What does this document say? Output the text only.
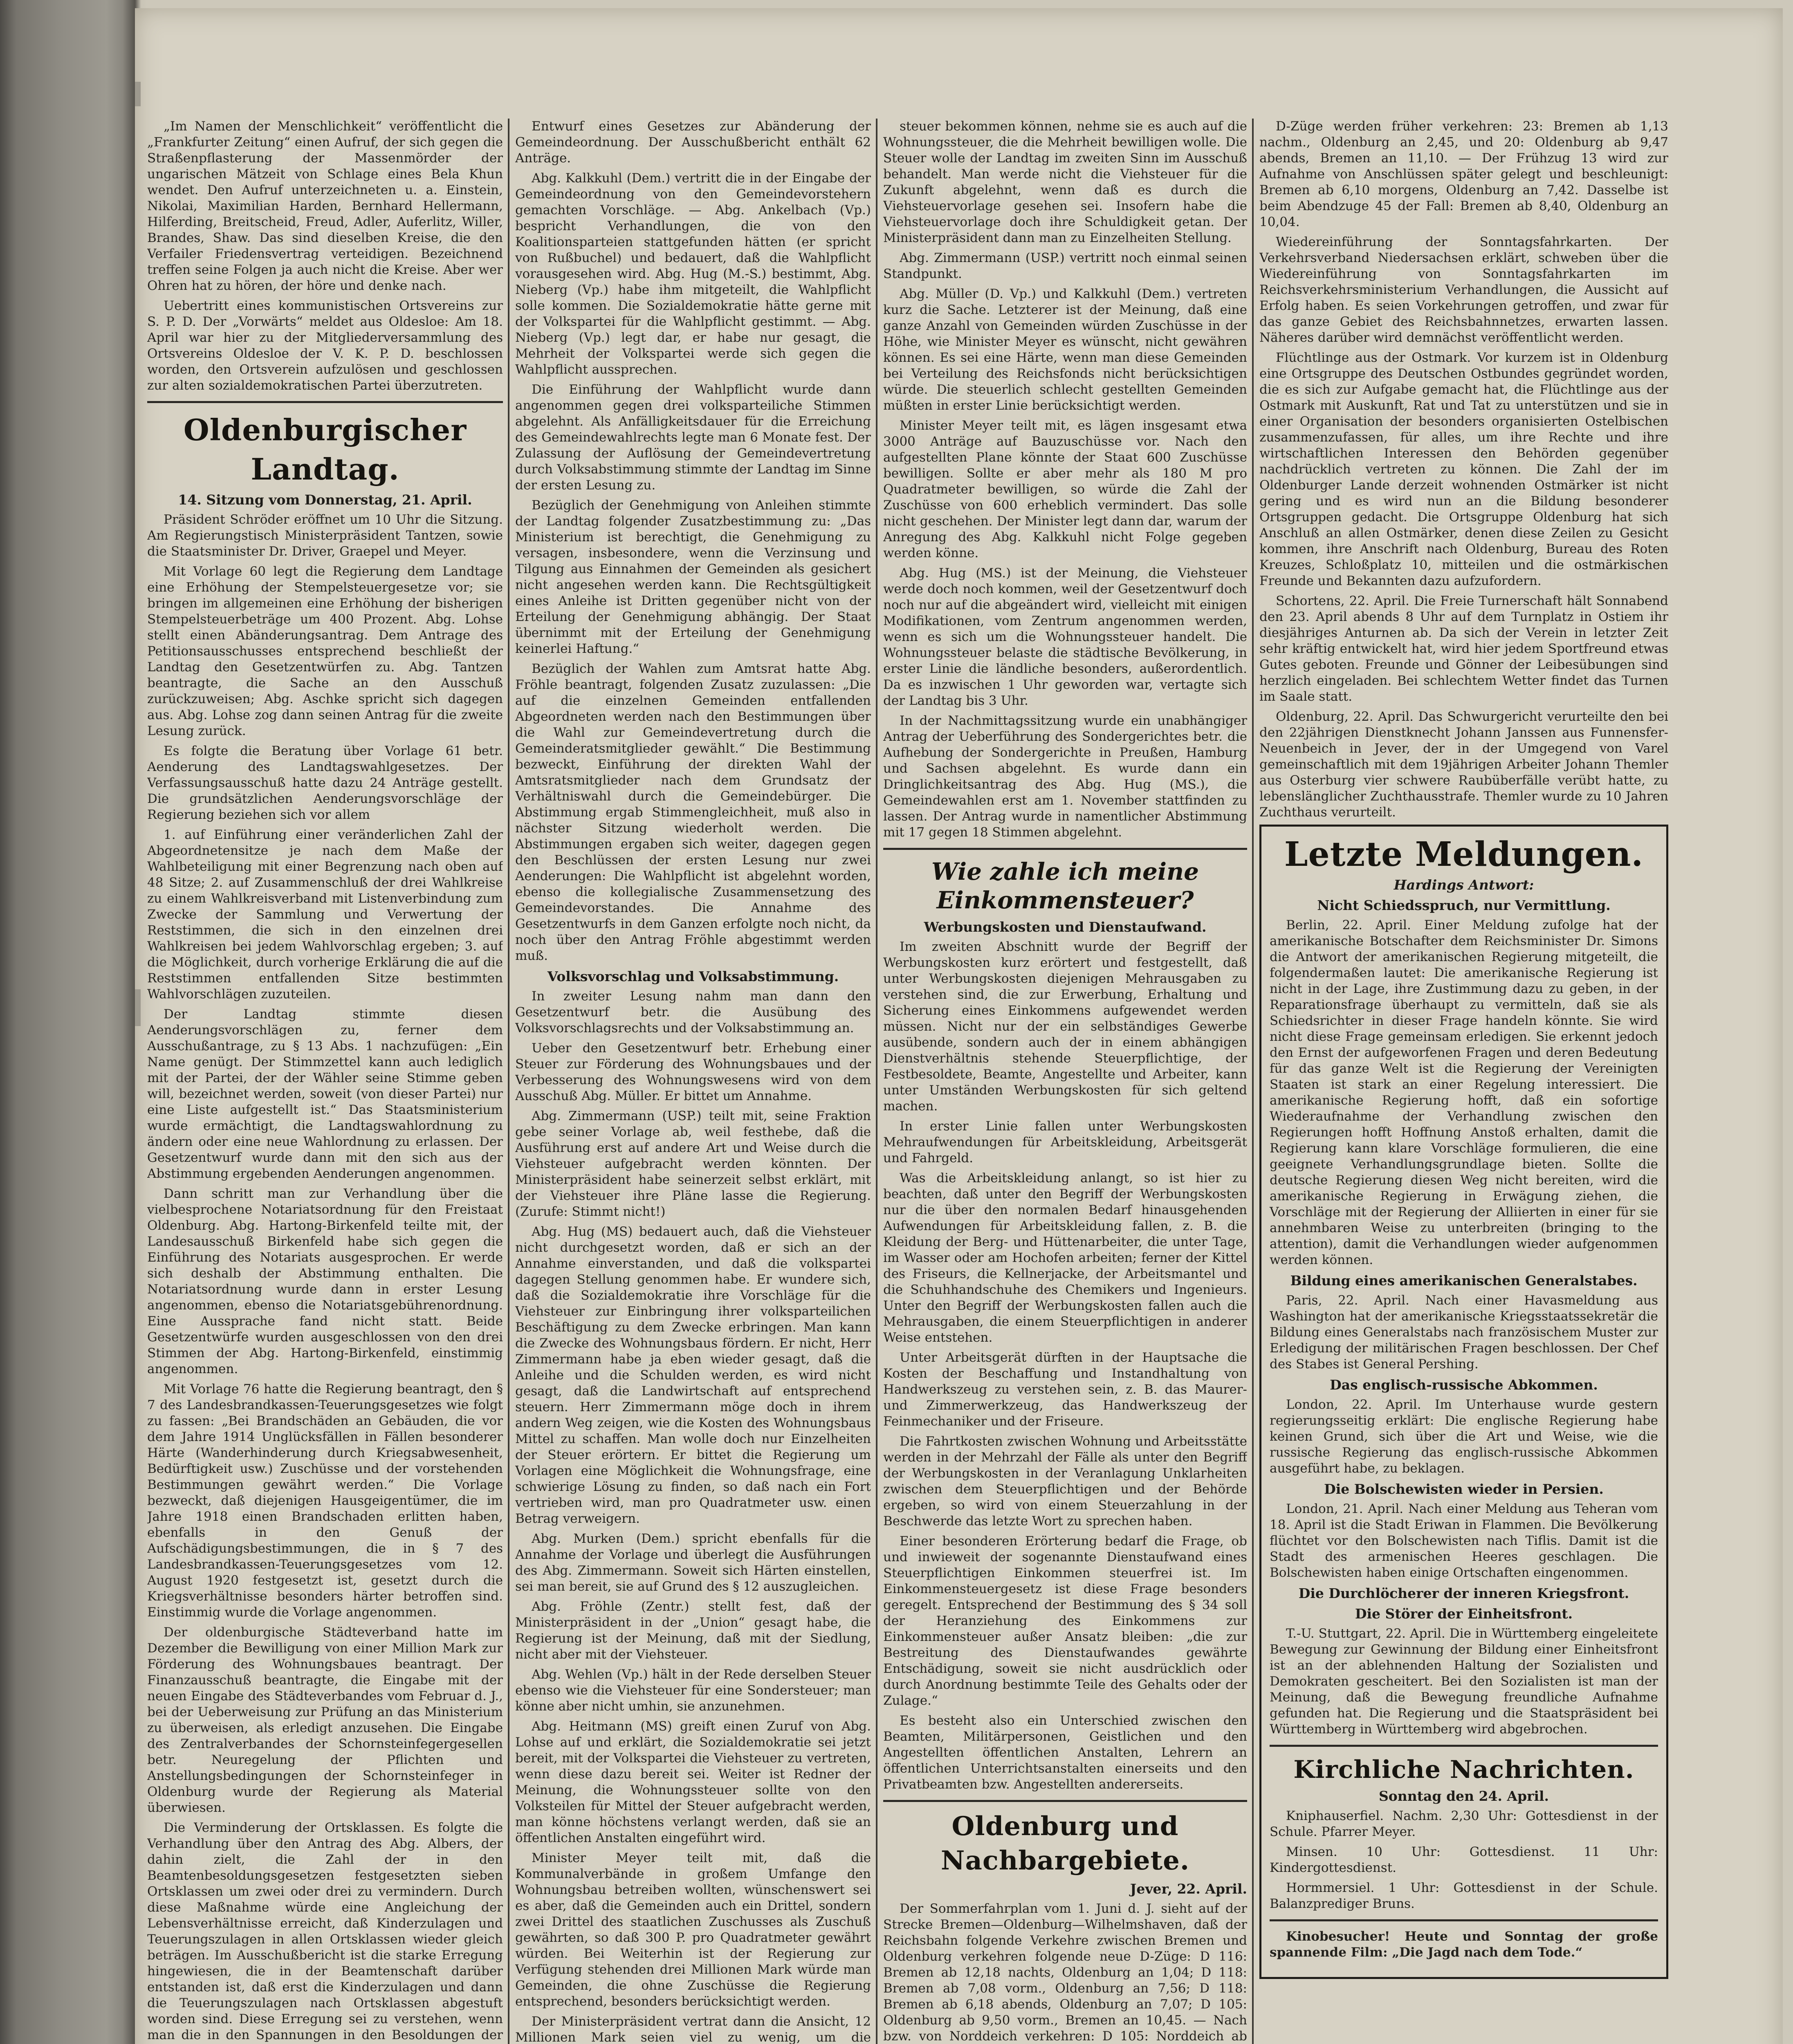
„Im Namen der Menschlichkeit“ veröffentlicht die „Frankfurter Zeitung“ einen Aufruf, der sich gegen die Straßenpflasterung der Massenmörder der ungarischen Mätzeit von Schlage eines Bela Khun wendet. Den Aufruf unterzeichneten u. a. Einstein, Nikolai, Maximilian Harden, Bernhard Hellermann, Hilferding, Breitscheid, Freud, Adler, Auferlitz, Willer, Brandes, Shaw. Das sind dieselben Kreise, die den Verfailer Friedensvertrag verteidigen. Bezeichnend treffen seine Folgen ja auch nicht die Kreise. Aber wer Ohren hat zu hören, der höre und denke nach.

Uebertritt eines kommunistischen Ortsvereins zur S. P. D. Der „Vorwärts“ meldet aus Oldesloe: Am 18. April war hier zu der Mitgliederversammlung des Ortsvereins Oldesloe der V. K. P. D. beschlossen worden, den Ortsverein aufzulösen und geschlossen zur alten sozialdemokratischen Partei überzutreten.

Oldenburgischer Landtag.
14. Sitzung vom Donnerstag, 21. April.

Präsident Schröder eröffnet um 10 Uhr die Sitzung. Am Regierungstisch Ministerpräsident Tantzen, sowie die Staatsminister Dr. Driver, Graepel und Meyer.

Mit Vorlage 60 legt die Regierung dem Landtage eine Erhöhung der Stempelsteuergesetze vor; sie bringen im allgemeinen eine Erhöhung der bisherigen Stempelsteuerbeträge um 400 Prozent. Abg. Lohse stellt einen Abänderungsantrag. Dem Antrage des Petitionsausschusses entsprechend beschließt der Landtag den Gesetzentwürfen zu. Abg. Tantzen beantragte, die Sache an den Ausschuß zurückzuweisen; Abg. Aschke spricht sich dagegen aus. Abg. Lohse zog dann seinen Antrag für die zweite Lesung zurück.

Es folgte die Beratung über Vorlage 61 betr. Aenderung des Landtagswahlgesetzes. Der Verfassungsausschuß hatte dazu 24 Anträge gestellt. Die grundsätzlichen Aenderungsvorschläge der Regierung beziehen sich vor allem

1. auf Einführung einer veränderlichen Zahl der Abgeordnetensitze je nach dem Maße der Wahlbeteiligung mit einer Begrenzung nach oben auf 48 Sitze; 2. auf Zusammenschluß der drei Wahlkreise zu einem Wahlkreisverband mit Listenverbindung zum Zwecke der Sammlung und Verwertung der Reststimmen, die sich in den einzelnen drei Wahlkreisen bei jedem Wahlvorschlag ergeben; 3. auf die Möglichkeit, durch vorherige Erklärung die auf die Reststimmen entfallenden Sitze bestimmten Wahlvorschlägen zuzuteilen.

Der Landtag stimmte diesen Aenderungsvorschlägen zu, ferner dem Ausschußantrage, zu § 13 Abs. 1 nachzufügen: „Ein Name genügt. Der Stimmzettel kann auch lediglich mit der Partei, der der Wähler seine Stimme geben will, bezeichnet werden, soweit (von dieser Partei) nur eine Liste aufgestellt ist.“ Das Staatsministerium wurde ermächtigt, die Landtagswahlordnung zu ändern oder eine neue Wahlordnung zu erlassen. Der Gesetzentwurf wurde dann mit den sich aus der Abstimmung ergebenden Aenderungen angenommen.

Dann schritt man zur Verhandlung über die vielbesprochene Notariatsordnung für den Freistaat Oldenburg. Abg. Hartong-Birkenfeld teilte mit, der Landesausschuß Birkenfeld habe sich gegen die Einführung des Notariats ausgesprochen. Er werde sich deshalb der Abstimmung enthalten. Die Notariatsordnung wurde dann in erster Lesung angenommen, ebenso die Notariatsgebührenordnung. Eine Aussprache fand nicht statt. Beide Gesetzentwürfe wurden ausgeschlossen von den drei Stimmen der Abg. Hartong-Birkenfeld, einstimmig angenommen.

Mit Vorlage 76 hatte die Regierung beantragt, den § 7 des Landesbrandkassen-Teuerungsgesetzes wie folgt zu fassen: „Bei Brandschäden an Gebäuden, die vor dem Jahre 1914 Unglücksfällen in Fällen besonderer Härte (Wanderhinderung durch Kriegsabwesenheit, Bedürftigkeit usw.) Zuschüsse und der vorstehenden Bestimmungen gewährt werden.“ Die Vorlage bezweckt, daß diejenigen Hausgeigentümer, die im Jahre 1918 einen Brandschaden erlitten haben, ebenfalls in den Genuß der Aufschädigungsbestimmungen, die in § 7 des Landesbrandkassen-Teuerungsgesetzes vom 12. August 1920 festgesetzt ist, gesetzt durch die Kriegsverhältnisse besonders härter betroffen sind. Einstimmig wurde die Vorlage angenommen.

Der oldenburgische Städteverband hatte im Dezember die Bewilligung von einer Million Mark zur Förderung des Wohnungsbaues beantragt. Der Finanzausschuß beantragte, die Eingabe mit der neuen Eingabe des Städteverbandes vom Februar d. J., bei der Ueberweisung zur Prüfung an das Ministerium zu überweisen, als erledigt anzusehen. Die Eingabe des Zentralverbandes der Schornsteinfegergesellen betr. Neuregelung der Pflichten und Anstellungsbedingungen der Schornsteinfeger in Oldenburg wurde der Regierung als Material überwiesen.

Die Verminderung der Ortsklassen. Es folgte die Verhandlung über den Antrag des Abg. Albers, der dahin zielt, die Zahl der in den Beamtenbesoldungsgesetzen festgesetzten sieben Ortsklassen um zwei oder drei zu vermindern. Durch diese Maßnahme würde eine Angleichung der Lebensverhältnisse erreicht, daß Kinderzulagen und Teuerungszulagen in allen Ortsklassen wieder gleich beträgen. Im Ausschußbericht ist die starke Erregung hingewiesen, die in der Beamtenschaft darüber entstanden ist, daß erst die Kinderzulagen und dann die Teuerungszulagen nach Ortsklassen abgestuft worden sind. Diese Erregung sei zu verstehen, wenn man die in den Spannungen in den Besoldungen der

Entwurf eines Gesetzes zur Abänderung der Gemeindeordnung. Der Ausschußbericht enthält 62 Anträge.

Abg. Kalkkuhl (Dem.) vertritt die in der Eingabe der Gemeindeordnung von den Gemeindevorstehern gemachten Vorschläge. — Abg. Ankelbach (Vp.) bespricht Verhandlungen, die von den Koalitionsparteien stattgefunden hätten (er spricht von Rußbuchel) und bedauert, daß die Wahlpflicht vorausgesehen wird. Abg. Hug (M.-S.) bestimmt, Abg. Nieberg (Vp.) habe ihm mitgeteilt, die Wahlpflicht solle kommen. Die Sozialdemokratie hätte gerne mit der Volkspartei für die Wahlpflicht gestimmt. — Abg. Nieberg (Vp.) legt dar, er habe nur gesagt, die Mehrheit der Volkspartei werde sich gegen die Wahlpflicht aussprechen.

Die Einführung der Wahlpflicht wurde dann angenommen gegen drei volksparteiliche Stimmen abgelehnt. Als Anfälligkeitsdauer für die Erreichung des Gemeindewahlrechts legte man 6 Monate fest. Der Zulassung der Auflösung der Gemeindevertretung durch Volksabstimmung stimmte der Landtag im Sinne der ersten Lesung zu.

Bezüglich der Genehmigung von Anleihen stimmte der Landtag folgender Zusatzbestimmung zu: „Das Ministerium ist berechtigt, die Genehmigung zu versagen, insbesondere, wenn die Verzinsung und Tilgung aus Einnahmen der Gemeinden als gesichert nicht angesehen werden kann. Die Rechtsgültigkeit eines Anleihe ist Dritten gegenüber nicht von der Erteilung der Genehmigung abhängig. Der Staat übernimmt mit der Erteilung der Genehmigung keinerlei Haftung.“

Bezüglich der Wahlen zum Amtsrat hatte Abg. Fröhle beantragt, folgenden Zusatz zuzulassen: „Die auf die einzelnen Gemeinden entfallenden Abgeordneten werden nach den Bestimmungen über die Wahl zur Gemeindevertretung durch die Gemeinderatsmitglieder gewählt.“ Die Bestimmung bezweckt, Einführung der direkten Wahl der Amtsratsmitglieder nach dem Grundsatz der Verhältniswahl durch die Gemeindebürger. Die Abstimmung ergab Stimmengleichheit, muß also in nächster Sitzung wiederholt werden. Die Abstimmungen ergaben sich weiter, dagegen gegen den Beschlüssen der ersten Lesung nur zwei Aenderungen: Die Wahlpflicht ist abgelehnt worden, ebenso die kollegialische Zusammensetzung des Gemeindevorstandes. Die Annahme des Gesetzentwurfs in dem Ganzen erfolgte noch nicht, da noch über den Antrag Fröhle abgestimmt werden muß.

Volksvorschlag und Volksabstimmung.

In zweiter Lesung nahm man dann den Gesetzentwurf betr. die Ausübung des Volksvorschlagsrechts und der Volksabstimmung an.

Ueber den Gesetzentwurf betr. Erhebung einer Steuer zur Förderung des Wohnungsbaues und der Verbesserung des Wohnungswesens wird von dem Ausschuß Abg. Müller. Er bittet um Annahme.

Abg. Zimmermann (USP.) teilt mit, seine Fraktion gebe seiner Vorlage ab, weil festhebe, daß die Ausführung erst auf andere Art und Weise durch die Viehsteuer aufgebracht werden könnten. Der Ministerpräsident habe seinerzeit selbst erklärt, mit der Viehsteuer ihre Pläne lasse die Regierung. (Zurufe: Stimmt nicht!)

Abg. Hug (MS) bedauert auch, daß die Viehsteuer nicht durchgesetzt worden, daß er sich an der Annahme einverstanden, und daß die volkspartei dagegen Stellung genommen habe. Er wundere sich, daß die Sozialdemokratie ihre Vorschläge für die Viehsteuer zur Einbringung ihrer volksparteilichen Beschäftigung zu dem Zwecke erbringen. Man kann die Zwecke des Wohnungsbaus fördern. Er nicht, Herr Zimmermann habe ja eben wieder gesagt, daß die Anleihe und die Schulden werden, es wird nicht gesagt, daß die Landwirtschaft auf entsprechend steuern. Herr Zimmermann möge doch in ihrem andern Weg zeigen, wie die Kosten des Wohnungsbaus Mittel zu schaffen. Man wolle doch nur Einzelheiten der Steuer erörtern. Er bittet die Regierung um Vorlagen eine Möglichkeit die Wohnungsfrage, eine schwierige Lösung zu finden, so daß nach ein Fort vertrieben wird, man pro Quadratmeter usw. einen Betrag verweigern.

Abg. Murken (Dem.) spricht ebenfalls für die Annahme der Vorlage und überlegt die Ausführungen des Abg. Zimmermann. Soweit sich Härten einstellen, sei man bereit, sie auf Grund des § 12 auszugleichen.

Abg. Fröhle (Zentr.) stellt fest, daß der Ministerpräsident in der „Union“ gesagt habe, die Regierung ist der Meinung, daß mit der Siedlung, nicht aber mit der Viehsteuer.

Abg. Wehlen (Vp.) hält in der Rede derselben Steuer ebenso wie die Viehsteuer für eine Sondersteuer; man könne aber nicht umhin, sie anzunehmen.

Abg. Heitmann (MS) greift einen Zuruf von Abg. Lohse auf und erklärt, die Sozialdemokratie sei jetzt bereit, mit der Volkspartei die Viehsteuer zu vertreten, wenn diese dazu bereit sei. Weiter ist Redner der Meinung, die Wohnungssteuer sollte von den Volksteilen für Mittel der Steuer aufgebracht werden, man könne höchstens verlangt werden, daß sie an öffentlichen Anstalten eingeführt wird.

Minister Meyer teilt mit, daß die Kommunalverbände in großem Umfange den Wohnungsbau betreiben wollten, wünschenswert sei es aber, daß die Gemeinden auch ein Drittel, sondern zwei Drittel des staatlichen Zuschusses als Zuschuß gewährten, so daß 300 P. pro Quadratmeter gewährt würden. Bei Weiterhin ist der Regierung zur Verfügung stehenden drei Millionen Mark würde man Gemeinden, die ohne Zuschüsse die Regierung entsprechend, besonders berücksichtigt werden.

Der Ministerpräsident vertrat dann die Ansicht, 12 Millionen Mark seien viel zu wenig, um die

steuer bekommen können, nehme sie es auch auf die Wohnungssteuer, die die Mehrheit bewilligen wolle. Die Steuer wolle der Landtag im zweiten Sinn im Ausschuß behandelt. Man werde nicht die Viehsteuer für die Zukunft abgelehnt, wenn daß es durch die Viehsteuervorlage gesehen sei. Insofern habe die Viehsteuervorlage doch ihre Schuldigkeit getan. Der Ministerpräsident dann man zu Einzelheiten Stellung.

Abg. Zimmermann (USP.) vertritt noch einmal seinen Standpunkt.

Abg. Müller (D. Vp.) und Kalkkuhl (Dem.) vertreten kurz die Sache. Letzterer ist der Meinung, daß eine ganze Anzahl von Gemeinden würden Zuschüsse in der Höhe, wie Minister Meyer es wünscht, nicht gewähren können. Es sei eine Härte, wenn man diese Gemeinden bei Verteilung des Reichsfonds nicht berücksichtigen würde. Die steuerlich schlecht gestellten Gemeinden müßten in erster Linie berücksichtigt werden.

Minister Meyer teilt mit, es lägen insgesamt etwa 3000 Anträge auf Bauzuschüsse vor. Nach den aufgestellten Plane könnte der Staat 600 Zuschüsse bewilligen. Sollte er aber mehr als 180 M pro Quadratmeter bewilligen, so würde die Zahl der Zuschüsse von 600 erheblich vermindert. Das solle nicht geschehen. Der Minister legt dann dar, warum der Anregung des Abg. Kalkkuhl nicht Folge gegeben werden könne.

Abg. Hug (MS.) ist der Meinung, die Viehsteuer werde doch noch kommen, weil der Gesetzentwurf doch noch nur auf die abgeändert wird, vielleicht mit einigen Modifikationen, vom Zentrum angenommen werden, wenn es sich um die Wohnungssteuer handelt. Die Wohnungssteuer belaste die städtische Bevölkerung, in erster Linie die ländliche besonders, außerordentlich. Da es inzwischen 1 Uhr geworden war, vertagte sich der Landtag bis 3 Uhr.

In der Nachmittagssitzung wurde ein unabhängiger Antrag der Ueberführung des Sondergerichtes betr. die Aufhebung der Sondergerichte in Preußen, Hamburg und Sachsen abgelehnt. Es wurde dann ein Dringlichkeitsantrag des Abg. Hug (MS.), die Gemeindewahlen erst am 1. November stattfinden zu lassen. Der Antrag wurde in namentlicher Abstimmung mit 17 gegen 18 Stimmen abgelehnt.

Wie zahle ich meine Einkommensteuer?
Werbungskosten und Dienstaufwand.

Im zweiten Abschnitt wurde der Begriff der Werbungskosten kurz erörtert und festgestellt, daß unter Werbungskosten diejenigen Mehrausgaben zu verstehen sind, die zur Erwerbung, Erhaltung und Sicherung eines Einkommens aufgewendet werden müssen. Nicht nur der ein selbständiges Gewerbe ausübende, sondern auch der in einem abhängigen Dienstverhältnis stehende Steuerpflichtige, der Festbesoldete, Beamte, Angestellte und Arbeiter, kann unter Umständen Werbungskosten für sich geltend machen.

In erster Linie fallen unter Werbungskosten Mehraufwendungen für Arbeitskleidung, Arbeitsgerät und Fahrgeld.

Was die Arbeitskleidung anlangt, so ist hier zu beachten, daß unter den Begriff der Werbungskosten nur die über den normalen Bedarf hinausgehenden Aufwendungen für Arbeitskleidung fallen, z. B. die Kleidung der Berg- und Hüttenarbeiter, die unter Tage, im Wasser oder am Hochofen arbeiten; ferner der Kittel des Friseurs, die Kellnerjacke, der Arbeitsmantel und die Schuhhandschuhe des Chemikers und Ingenieurs. Unter den Begriff der Werbungskosten fallen auch die Mehrausgaben, die einem Steuerpflichtigen in anderer Weise entstehen.

Unter Arbeitsgerät dürften in der Hauptsache die Kosten der Beschaffung und Instandhaltung von Handwerkszeug zu verstehen sein, z. B. das Maurer- und Zimmerwerkzeug, das Handwerkszeug der Feinmechaniker und der Friseure.

Die Fahrtkosten zwischen Wohnung und Arbeitsstätte werden in der Mehrzahl der Fälle als unter den Begriff der Werbungskosten in der Veranlagung Unklarheiten zwischen dem Steuerpflichtigen und der Behörde ergeben, so wird von einem Steuerzahlung in der Beschwerde das letzte Wort zu sprechen haben.

Einer besonderen Erörterung bedarf die Frage, ob und inwieweit der sogenannte Dienstaufwand eines Steuerpflichtigen Einkommen steuerfrei ist. Im Einkommensteuergesetz ist diese Frage besonders geregelt. Entsprechend der Bestimmung des § 34 soll der Heranziehung des Einkommens zur Einkommensteuer außer Ansatz bleiben: „die zur Bestreitung des Dienstaufwandes gewährte Entschädigung, soweit sie nicht ausdrücklich oder durch Anordnung bestimmte Teile des Gehalts oder der Zulage.“

Es besteht also ein Unterschied zwischen den Beamten, Militärpersonen, Geistlichen und den Angestellten öffentlichen Anstalten, Lehrern an öffentlichen Unterrichtsanstalten einerseits und den Privatbeamten bzw. Angestellten andererseits.

Oldenburg und Nachbargebiete.
Jever, 22. April.

Der Sommerfahrplan vom 1. Juni d. J. sieht auf der Strecke Bremen—Oldenburg—Wilhelmshaven, daß der Reichsbahn folgende Verkehre zwischen Bremen und Oldenburg verkehren folgende neue D-Züge: D 116: Bremen ab 12,18 nachts, Oldenburg an 1,04; D 118: Bremen ab 7,08 vorm., Oldenburg an 7,56; D 118: Bremen ab 6,18 abends, Oldenburg an 7,07; D 105: Oldenburg ab 9,50 vorm., Bremen an 10,45. — Nach bzw. von Norddeich verkehren: D 105: Norddeich ab

D-Züge werden früher verkehren: 23: Bremen ab 1,13 nachm., Oldenburg an 2,45, und 20: Oldenburg ab 9,47 abends, Bremen an 11,10. — Der Frühzug 13 wird zur Aufnahme von Anschlüssen später gelegt und beschleunigt: Bremen ab 6,10 morgens, Oldenburg an 7,42. Dasselbe ist beim Abendzuge 45 der Fall: Bremen ab 8,40, Oldenburg an 10,04.

Wiedereinführung der Sonntagsfahrkarten. Der Verkehrsverband Niedersachsen erklärt, schweben über die Wiedereinführung von Sonntagsfahrkarten im Reichsverkehrsministerium Verhandlungen, die Aussicht auf Erfolg haben. Es seien Vorkehrungen getroffen, und zwar für das ganze Gebiet des Reichsbahnnetzes, erwarten lassen. Näheres darüber wird demnächst veröffentlicht werden.

Flüchtlinge aus der Ostmark. Vor kurzem ist in Oldenburg eine Ortsgruppe des Deutschen Ostbundes gegründet worden, die es sich zur Aufgabe gemacht hat, die Flüchtlinge aus der Ostmark mit Auskunft, Rat und Tat zu unterstützen und sie in einer Organisation der besonders organisierten Ostelbischen zusammenzufassen, für alles, um ihre Rechte und ihre wirtschaftlichen Interessen den Behörden gegenüber nachdrücklich vertreten zu können. Die Zahl der im Oldenburger Lande derzeit wohnenden Ostmärker ist nicht gering und es wird nun an die Bildung besonderer Ortsgruppen gedacht. Die Ortsgruppe Oldenburg hat sich Anschluß an allen Ostmärker, denen diese Zeilen zu Gesicht kommen, ihre Anschrift nach Oldenburg, Bureau des Roten Kreuzes, Schloßplatz 10, mitteilen und die ostmärkischen Freunde und Bekannten dazu aufzufordern.

Schortens, 22. April. Die Freie Turnerschaft hält Sonnabend den 23. April abends 8 Uhr auf dem Turnplatz in Ostiem ihr diesjähriges Anturnen ab. Da sich der Verein in letzter Zeit sehr kräftig entwickelt hat, wird hier jedem Sportfreund etwas Gutes geboten. Freunde und Gönner der Leibesübungen sind herzlich eingeladen. Bei schlechtem Wetter findet das Turnen im Saale statt.

Oldenburg, 22. April. Das Schwurgericht verurteilte den bei den 22jährigen Dienstknecht Johann Janssen aus Funnensfer-Neuenbeich in Jever, der in der Umgegend von Varel gemeinschaftlich mit dem 19jährigen Arbeiter Johann Themler aus Osterburg vier schwere Raubüberfälle verübt hatte, zu lebenslänglicher Zuchthausstrafe. Themler wurde zu 10 Jahren Zuchthaus verurteilt.

Letzte Meldungen.
Hardings Antwort:
Nicht Schiedsspruch, nur Vermittlung.

Berlin, 22. April. Einer Meldung zufolge hat der amerikanische Botschafter dem Reichsminister Dr. Simons die Antwort der amerikanischen Regierung mitgeteilt, die folgendermaßen lautet: Die amerikanische Regierung ist nicht in der Lage, ihre Zustimmung dazu zu geben, in der Reparationsfrage überhaupt zu vermitteln, daß sie als Schiedsrichter in dieser Frage handeln könnte. Sie wird nicht diese Frage gemeinsam erledigen. Sie erkennt jedoch den Ernst der aufgeworfenen Fragen und deren Bedeutung für das ganze Welt ist die Regierung der Vereinigten Staaten ist stark an einer Regelung interessiert. Die amerikanische Regierung hofft, daß ein sofortige Wiederaufnahme der Verhandlung zwischen den Regierungen hofft Hoffnung Anstoß erhalten, damit die Regierung kann klare Vorschläge formulieren, die eine geeignete Verhandlungsgrundlage bieten. Sollte die deutsche Regierung diesen Weg nicht bereiten, wird die amerikanische Regierung in Erwägung ziehen, die Vorschläge mit der Regierung der Alliierten in einer für sie annehmbaren Weise zu unterbreiten (bringing to the attention), damit die Verhandlungen wieder aufgenommen werden können.

Bildung eines amerikanischen Generalstabes.

Paris, 22. April. Nach einer Havasmeldung aus Washington hat der amerikanische Kriegsstaatssekretär die Bildung eines Generalstabs nach französischem Muster zur Erledigung der militärischen Fragen beschlossen. Der Chef des Stabes ist General Pershing.

Das englisch-russische Abkommen.

London, 22. April. Im Unterhause wurde gestern regierungsseitig erklärt: Die englische Regierung habe keinen Grund, sich über die Art und Weise, wie die russische Regierung das englisch-russische Abkommen ausgeführt habe, zu beklagen.

Die Bolschewisten wieder in Persien.

London, 21. April. Nach einer Meldung aus Teheran vom 18. April ist die Stadt Eriwan in Flammen. Die Bevölkerung flüchtet vor den Bolschewisten nach Tiflis. Damit ist die Stadt des armenischen Heeres geschlagen. Die Bolschewisten haben einige Ortschaften eingenommen.

Die Durchlöcherer der inneren Kriegsfront.
Die Störer der Einheitsfront.

T.-U. Stuttgart, 22. April. Die in Württemberg eingeleitete Bewegung zur Gewinnung der Bildung einer Einheitsfront ist an der ablehnenden Haltung der Sozialisten und Demokraten gescheitert. Bei den Sozialisten ist man der Meinung, daß die Bewegung freundliche Aufnahme gefunden hat. Die Regierung und die Staatspräsident bei Württemberg in Württemberg wird abgebrochen.

Kirchliche Nachrichten.
Sonntag den 24. April.

Kniphauserfiel. Nachm. 2,30 Uhr: Gottesdienst in der Schule. Pfarrer Meyer.

Minsen. 10 Uhr: Gottesdienst. 11 Uhr: Kindergottesdienst.

Hormmersiel. 1 Uhr: Gottesdienst in der Schule. Balanzprediger Bruns.

Kinobesucher! Heute und Sonntag der große spannende Film: „Die Jagd nach dem Tode.“
